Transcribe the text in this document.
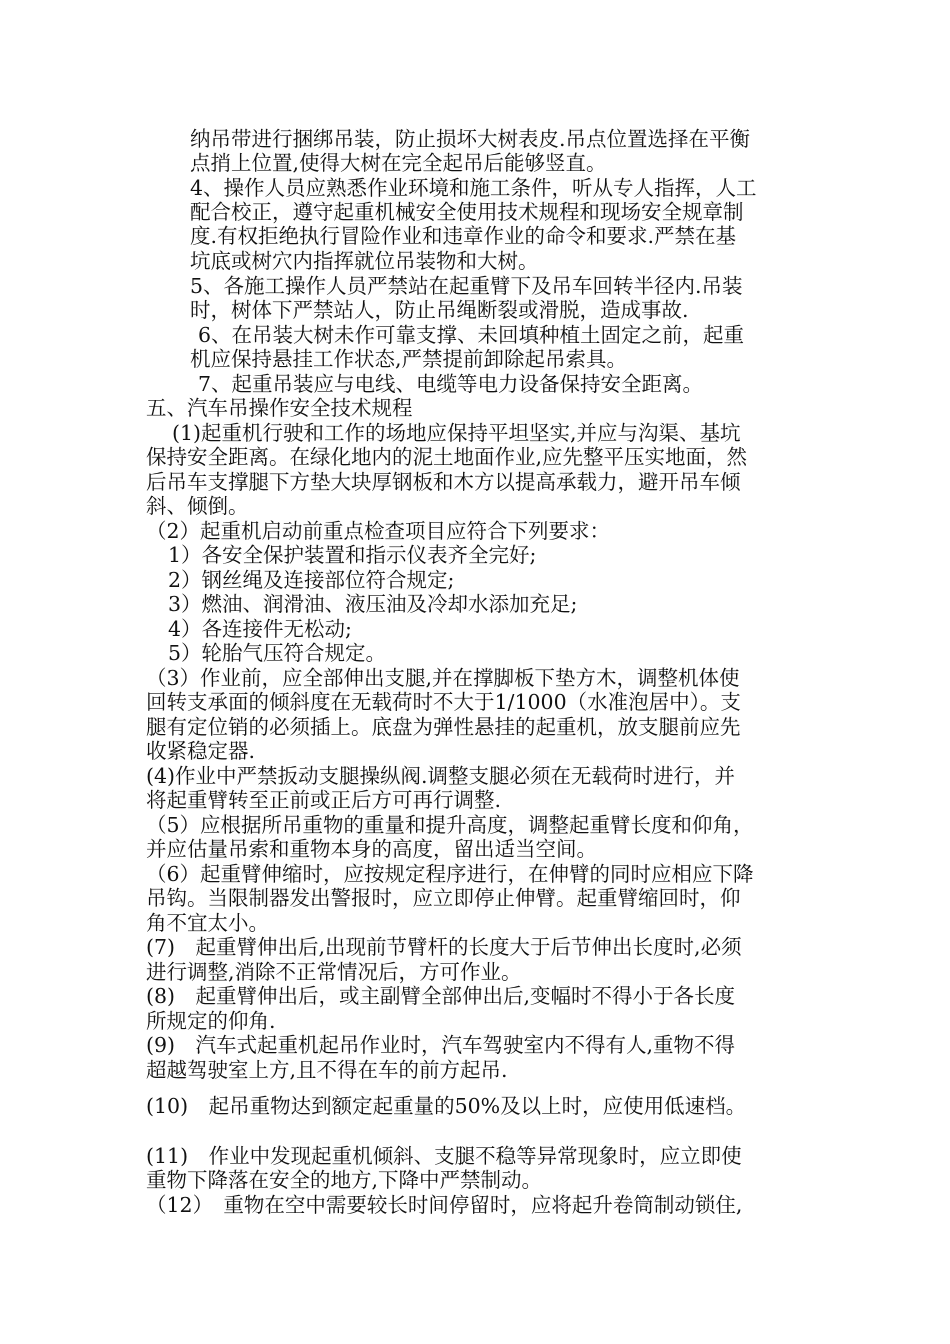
纳吊带进行捆绑吊装，防止损坏大树表皮.吊点位置选择在平衡
点捎上位置,使得大树在完全起吊后能够竖直。
4、操作人员应熟悉作业环境和施工条件，听从专人指挥，人工
配合校正，遵守起重机械安全使用技术规程和现场安全规章制
度.有权拒绝执行冒险作业和违章作业的命令和要求.严禁在基
坑底或树穴内指挥就位吊装物和大树。
5、各施工操作人员严禁站在起重臂下及吊车回转半径内.吊装
时，树体下严禁站人，防止吊绳断裂或滑脱，造成事故.
6、在吊装大树未作可靠支撑、未回填种植土固定之前，起重
机应保持悬挂工作状态,严禁提前卸除起吊索具。
7、起重吊装应与电线、电缆等电力设备保持安全距离。
五、汽车吊操作安全技术规程
(1)起重机行驶和工作的场地应保持平坦坚实,并应与沟渠、基坑
保持安全距离。在绿化地内的泥土地面作业,应先整平压实地面，然
后吊车支撑腿下方垫大块厚钢板和木方以提高承载力，避开吊车倾
斜、倾倒。
（2）起重机启动前重点检查项目应符合下列要求：
1）各安全保护装置和指示仪表齐全完好;
2）钢丝绳及连接部位符合规定;
3）燃油、润滑油、液压油及冷却水添加充足;
4）各连接件无松动;
5）轮胎气压符合规定。
（3）作业前，应全部伸出支腿,并在撑脚板下垫方木，调整机体使
回转支承面的倾斜度在无载荷时不大于1/1000（水准泡居中）。支
腿有定位销的必须插上。底盘为弹性悬挂的起重机，放支腿前应先
收紧稳定器.
(4)作业中严禁扳动支腿操纵阀.调整支腿必须在无载荷时进行，并
将起重臂转至正前或正后方可再行调整.
（5）应根据所吊重物的重量和提升高度，调整起重臂长度和仰角，
并应估量吊索和重物本身的高度，留出适当空间。
（6）起重臂伸缩时，应按规定程序进行，在伸臂的同时应相应下降
吊钩。当限制器发出警报时，应立即停止伸臂。起重臂缩回时，仰
角不宜太小。
(7)　起重臂伸出后,出现前节臂杆的长度大于后节伸出长度时,必须
进行调整,消除不正常情况后，方可作业。
(8)　起重臂伸出后，或主副臂全部伸出后,变幅时不得小于各长度
所规定的仰角.
(9)　汽车式起重机起吊作业时，汽车驾驶室内不得有人,重物不得
超越驾驶室上方,且不得在车的前方起吊.
(10)　起吊重物达到额定起重量的50%及以上时，应使用低速档。
(11)　作业中发现起重机倾斜、支腿不稳等异常现象时，应立即使
重物下降落在安全的地方,下降中严禁制动。
（12）　重物在空中需要较长时间停留时，应将起升卷筒制动锁住,
